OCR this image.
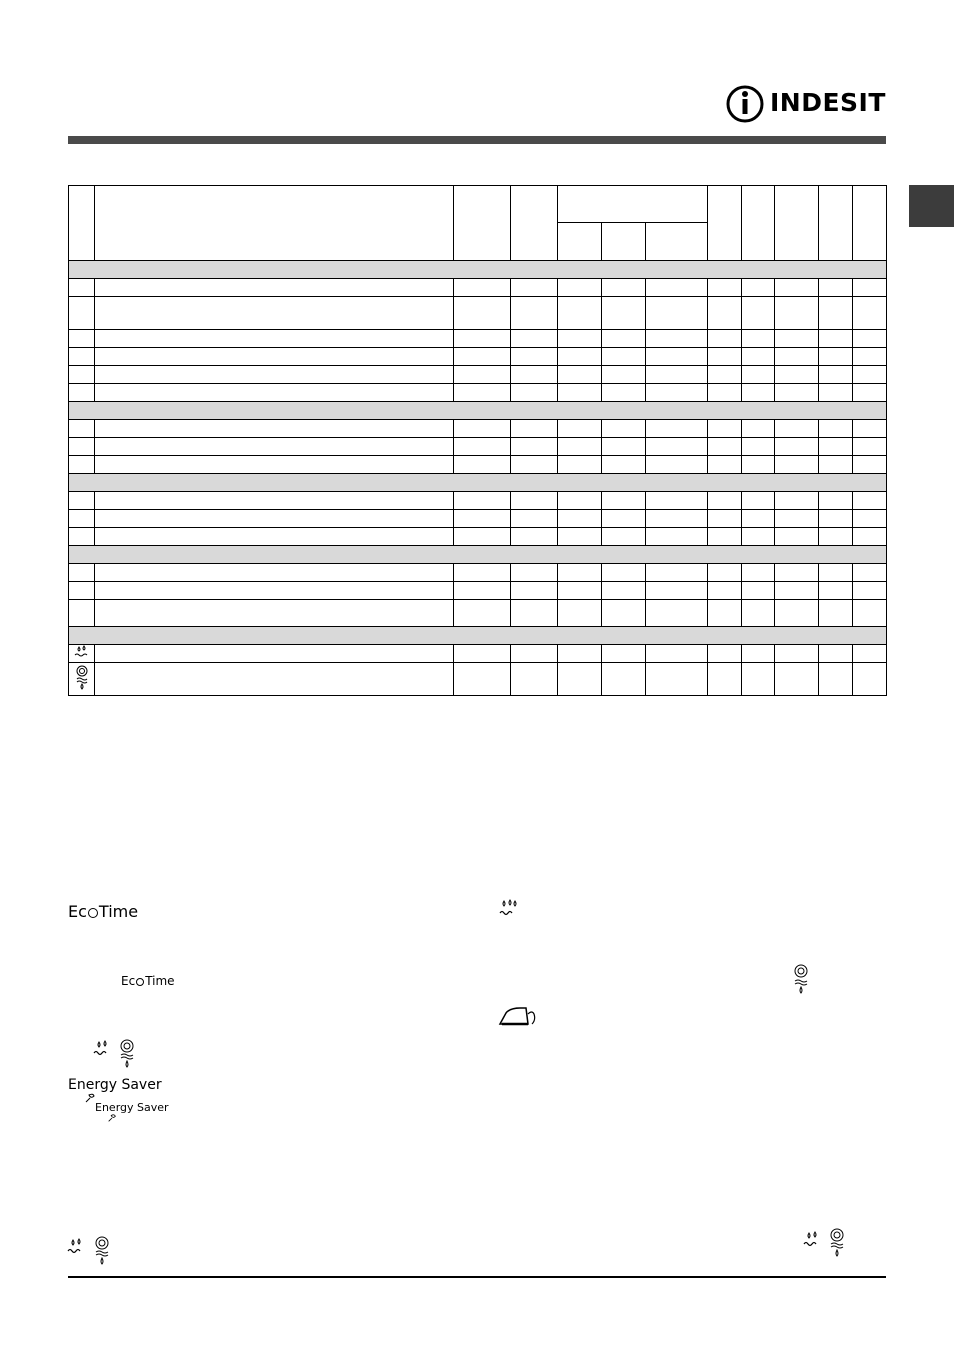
INDESIT

Ec Time
Ec Time
Energy Saver
Energy Saver
